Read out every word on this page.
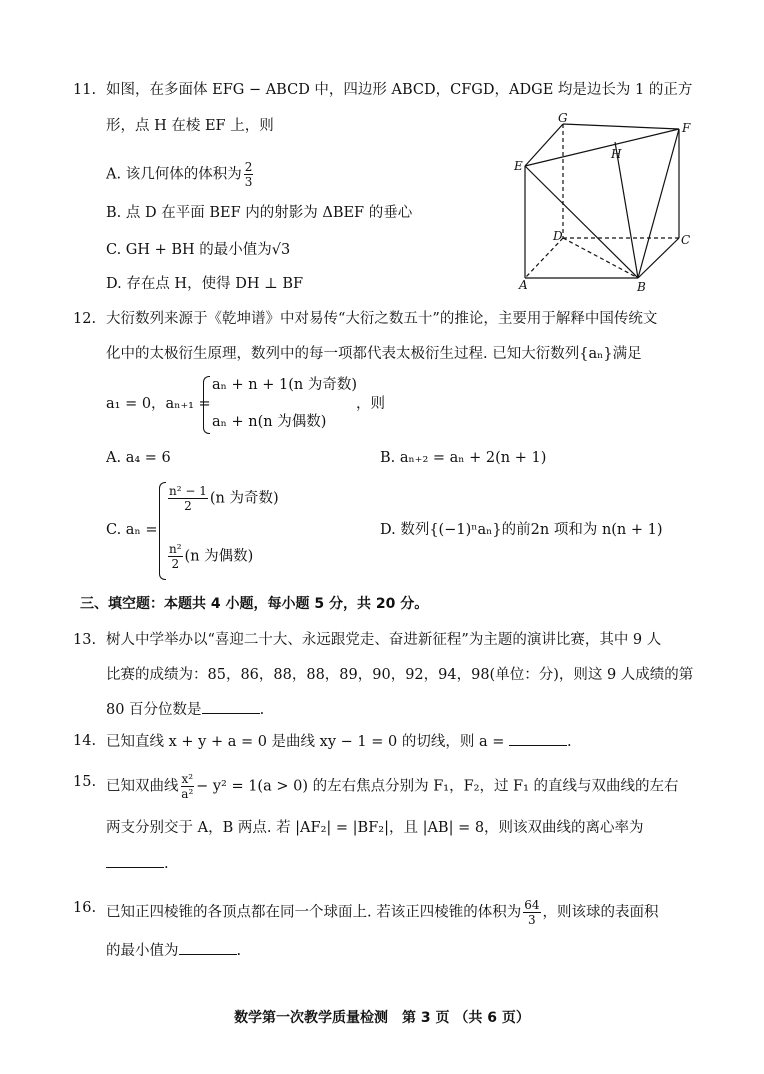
11. 如图，在多面体 EFG − ABCD 中，四边形 ABCD，CFGD，ADGE 均是边长为 1 的正方
形，点 H 在棱 EF 上，则
A. 该几何体的体积为 $\frac{2}{3}$
B. 点 D 在平面 BEF 内的射影为 ΔBEF 的垂心
C. GH + BH 的最小值为√3
D. 存在点 H，使得 DH ⊥ BF
G
F
H
E
D	C
A	B
12. 大衍数列来源于《乾坤谱》中对易传“大衍之数五十”的推论，主要用于解释中国传统文
化中的太极衍生原理，数列中的每一项都代表太极衍生过程. 已知大衍数列{aₙ}满足
a₁ = 0，aₙ₊₁ =
aₙ + n + 1(n 为奇数)
aₙ + n(n 为偶数)
，则
A. a₄ = 6	B. aₙ₊₂ = aₙ + 2(n + 1)
C. aₙ =
$\frac{\text{n² − 1}}{2} (n$ 为奇数)
$\frac{\text{n²}}{2} (n$ 为偶数)
D. 数列{(−1)ⁿaₙ}的前2n 项和为 n(n + 1)
三、填空题：本题共 4 小题，每小题 5 分，共 20 分。
13. 树人中学举办以“喜迎二十大、永远跟党走、奋进新征程”为主题的演讲比赛，其中 9 人
比赛的成绩为：85，86，88，88，89，90，92，94，98(单位：分)，则这 9 人成绩的第
80 百分位数是	.
14. 已知直线 x + y + a = 0 是曲线 xy − 1 = 0 的切线，则 a =	.
15. 已知双曲线 $\frac{\text{x²}}{\text{a²}} - y^2 = 1(a > 0)$ 的左右焦点分别为 F₁，F₂，过 F₁ 的直线与双曲线的左右
两支分别交于 A，B 两点. 若 |AF₂| = |BF₂|，且 |AB| = 8，则该双曲线的离心率为
.
16. 已知正四棱锥的各顶点都在同一个球面上. 若该正四棱锥的体积为 $\frac{64}{3}$ ，则该球的表面积
的最小值为	.
数学第一次教学质量检测　第 3 页 （共 6 页）
